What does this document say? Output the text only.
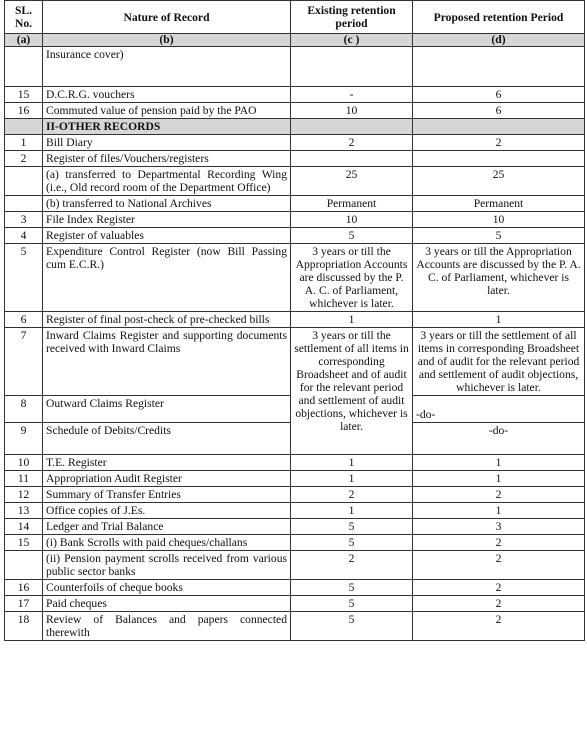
SL. No.	Nature of Record	Existing retention period	Proposed retention Period
(a)	(b)	(c )	(d)
	Insurance cover)		
15	D.C.R.G. vouchers	-	6
16	Commuted value of pension paid by the PAO	10	6
	II-OTHER RECORDS		
1	Bill Diary	2	2
2	Register of files/Vouchers/registers		
	(a) transferred to Departmental Recording Wing (i.e., Old record room of the Department Office)	25	25
	(b) transferred to National Archives	Permanent	Permanent
3	File Index Register	10	10
4	Register of valuables	5	5
5	Expenditure Control Register (now Bill Passing cum E.C.R.)	3 years or till the Appropriation Accounts are discussed by the P. A. C. of Parliament, whichever is later.	3 years or till the Appropriation Accounts are discussed by the P. A. C. of Parliament, whichever is later.
6	Register of final post-check of pre-checked bills	1	1
7	Inward Claims Register and supporting documents received with Inward Claims	3 years or till the settlement of all items in corresponding Broadsheet and of audit for the relevant period and settlement of audit objections, whichever is later.	3 years or till the settlement of all items in corresponding Broadsheet and of audit for the relevant period and settlement of audit objections, whichever is later.
8	Outward Claims Register		-do-
9	Schedule of Debits/Credits		-do-
10	T.E. Register	1	1
11	Appropriation Audit Register	1	1
12	Summary of Transfer Entries	2	2
13	Office copies of J.Es.	1	1
14	Ledger and Trial Balance	5	3
15	(i) Bank Scrolls with paid cheques/challans	5	2
	(ii) Pension payment scrolls received from various public sector banks	2	2
16	Counterfoils of cheque books	5	2
17	Paid cheques	5	2
18	Review of Balances and papers connected therewith	5	2
